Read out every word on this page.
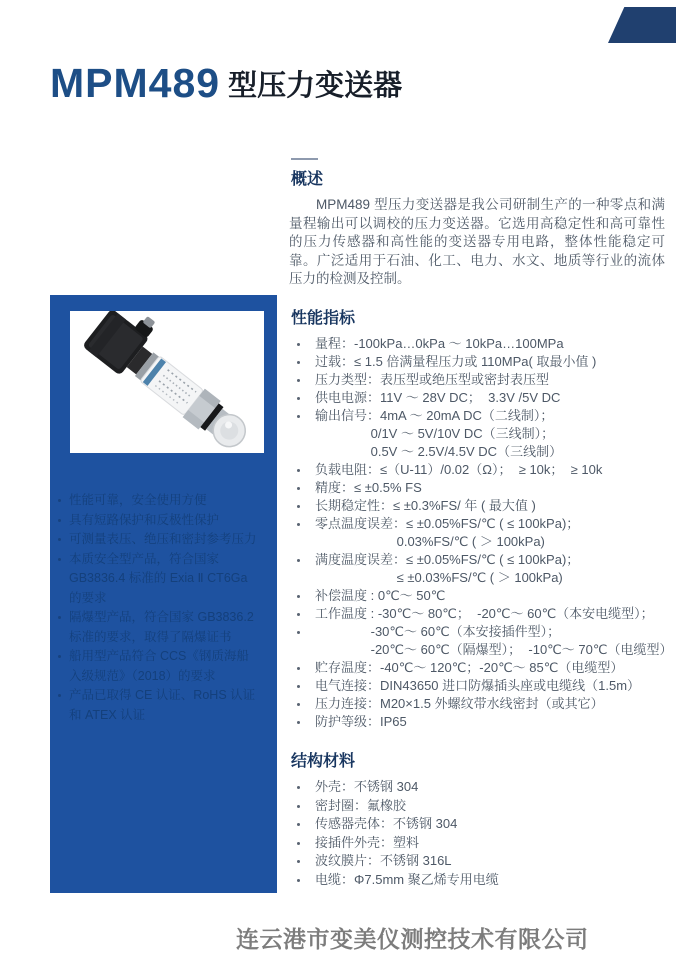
MPM489 型压力变送器
性能可靠，安全使用方便
具有短路保护和反极性保护
可测量表压、绝压和密封参考压力
本质安全型产品，符合国家 GB3836.4 标准的 Exia Ⅱ CT6Ga 的要求
隔爆型产品，符合国家 GB3836.2 标准的要求，取得了隔爆证书
船用型产品符合 CCS《钢质海船入级规范》（2018）的要求
产品已取得 CE 认证、RoHS 认证和 ATEX 认证
概述

MPM489 型压力变送器是我公司研制生产的一种零点和满量程输出可以调校的压力变送器。它选用高稳定性和高可靠性的压力传感器和高性能的变送器专用电路，整体性能稳定可靠。广泛适用于石油、化工、电力、水文、地质等行业的流体压力的检测及控制。

性能指标
量程：-100kPa…0kPa ～ 10kPa…100MPa
过载：≤ 1.5 倍满量程压力或 110MPa( 取最小值 )
压力类型：表压型或绝压型或密封表压型
供电电源：11V ～ 28V DC；  3.3V /5V DC
输出信号：4mA ～ 20mA DC（二线制）；
　　　　 0/1V ～ 5V/10V DC（三线制）；
　　　　 0.5V ～ 2.5V/4.5V DC（三线制）
负载电阻：≤（U-11）/0.02（Ω）；  ≥ 10k；  ≥ 10k
精度：≤ ±0.5% FS
长期稳定性：≤ ±0.3%FS/ 年 ( 最大值 )
零点温度误差：≤ ±0.05%FS/℃ ( ≤ 100kPa)；
　　　　　　 0.03%FS/℃ ( ＞ 100kPa)
满度温度误差：≤ ±0.05%FS/℃ ( ≤ 100kPa)；
　　　　　　 ≤ ±0.03%FS/℃ ( ＞ 100kPa)
补偿温度 : 0℃～ 50℃
工作温度 : -30℃～ 80℃；  -20℃～ 60℃（本安电缆型）；
　　　　 -30℃～ 60℃（本安接插件型）；
　　　　 -20℃～ 60℃（隔爆型）；  -10℃～ 70℃（电缆型）
贮存温度：-40℃～ 120℃；-20℃～ 85℃（电缆型）
电气连接：DIN43650 进口防爆插头座或电缆线（1.5m）
压力连接：M20×1.5 外螺纹带水线密封（或其它）
防护等级：IP65
结构材料
外壳：不锈钢 304
密封圈：氟橡胶
传感器壳体：不锈钢 304
接插件外壳：塑料
波纹膜片：不锈钢 316L
电缆：Φ7.5mm 聚乙烯专用电缆
连云港市变美仪测控技术有限公司
